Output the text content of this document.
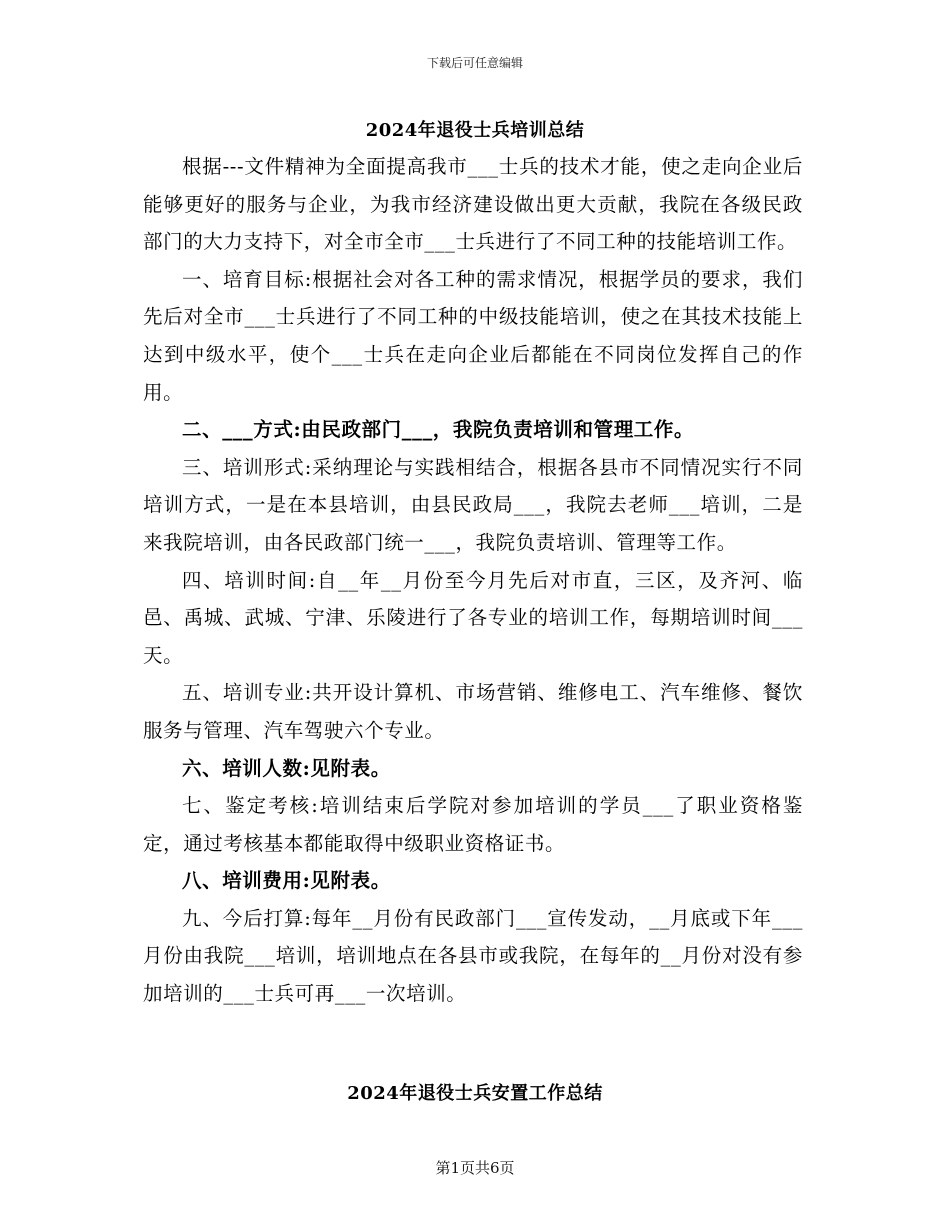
下载后可任意编辑
2024年退役士兵培训总结

根据---文件精神为全面提高我市___士兵的技术才能，使之走向企业后能够更好的服务与企业，为我市经济建设做出更大贡献，我院在各级民政部门的大力支持下，对全市全市___士兵进行了不同工种的技能培训工作。

一、培育目标:根据社会对各工种的需求情况，根据学员的要求，我们先后对全市___士兵进行了不同工种的中级技能培训，使之在其技术技能上达到中级水平，使个___士兵在走向企业后都能在不同岗位发挥自己的作用。

二、___方式:由民政部门___，我院负责培训和管理工作。

三、培训形式:采纳理论与实践相结合，根据各县市不同情况实行不同培训方式，一是在本县培训，由县民政局___，我院去老师___培训，二是来我院培训，由各民政部门统一___，我院负责培训、管理等工作。

四、培训时间:自__年__月份至今月先后对市直，三区，及齐河、临邑、禹城、武城、宁津、乐陵进行了各专业的培训工作，每期培训时间___天。

五、培训专业:共开设计算机、市场营销、维修电工、汽车维修、餐饮服务与管理、汽车驾驶六个专业。

六、培训人数:见附表。

七、鉴定考核:培训结束后学院对参加培训的学员___了职业资格鉴定，通过考核基本都能取得中级职业资格证书。

八、培训费用:见附表。

九、今后打算:每年__月份有民政部门___宣传发动，__月底或下年___月份由我院___培训，培训地点在各县市或我院，在每年的__月份对没有参加培训的___士兵可再___一次培训。

2024年退役士兵安置工作总结
第1页共6页
